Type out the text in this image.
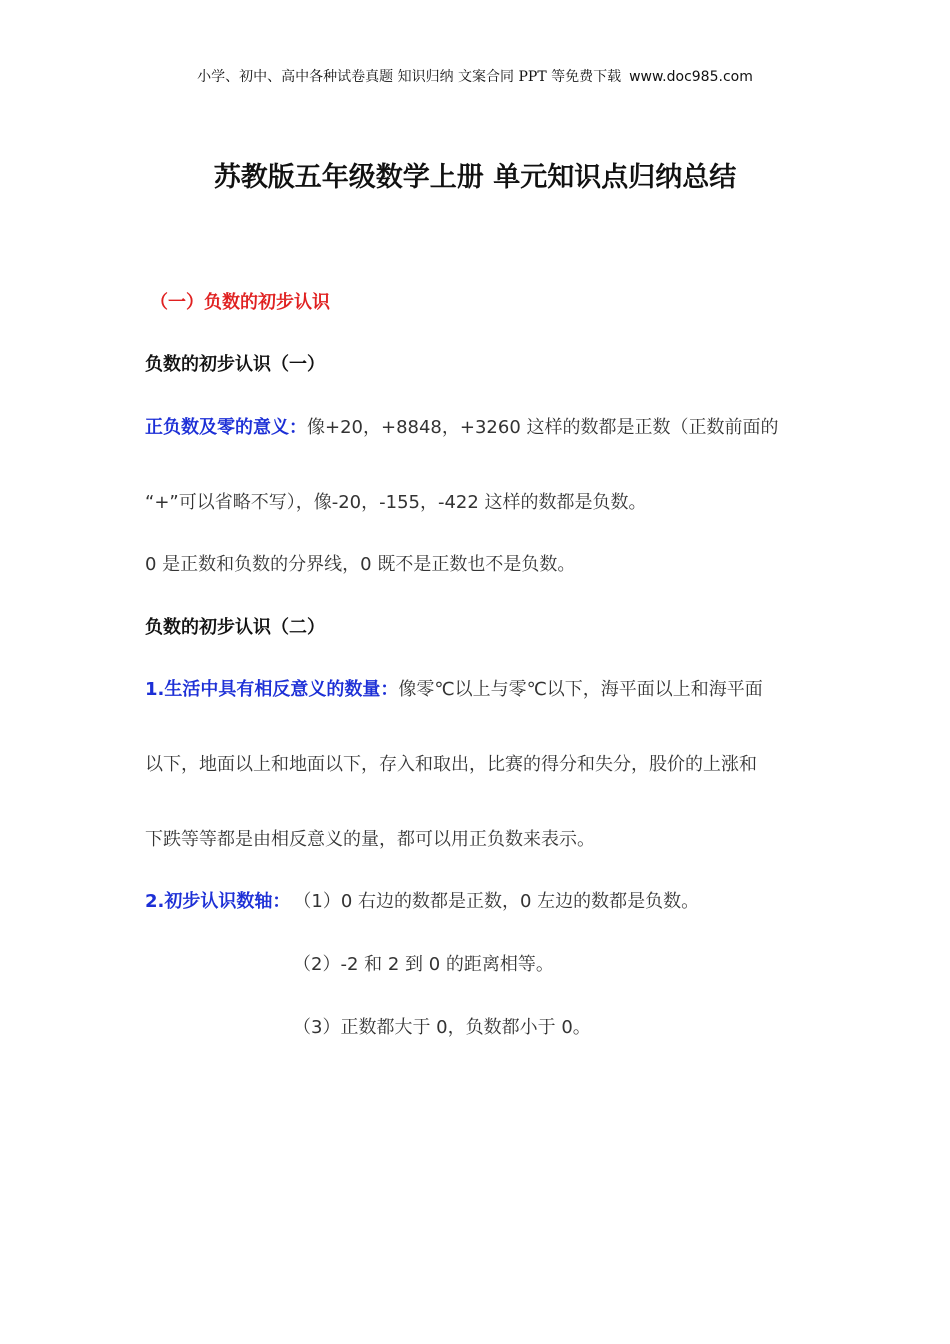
小学、初中、高中各种试卷真题 知识归纳 文案合同 PPT 等免费下载 www.doc985.com
苏教版五年级数学上册 单元知识点归纳总结
（一）负数的初步认识
负数的初步认识（一）
正负数及零的意义：像+20，+8848，+3260 这样的数都是正数（正数前面的
“+”可以省略不写），像-20，-155，-422 这样的数都是负数。
0 是正数和负数的分界线，0 既不是正数也不是负数。
负数的初步认识（二）
1.生活中具有相反意义的数量：像零℃以上与零℃以下，海平面以上和海平面
以下，地面以上和地面以下，存入和取出，比赛的得分和失分，股价的上涨和
下跌等等都是由相反意义的量，都可以用正负数来表示。
2.初步认识数轴： （1）0 右边的数都是正数，0 左边的数都是负数。
（2）-2 和 2 到 0 的距离相等。
（3）正数都大于 0，负数都小于 0。
